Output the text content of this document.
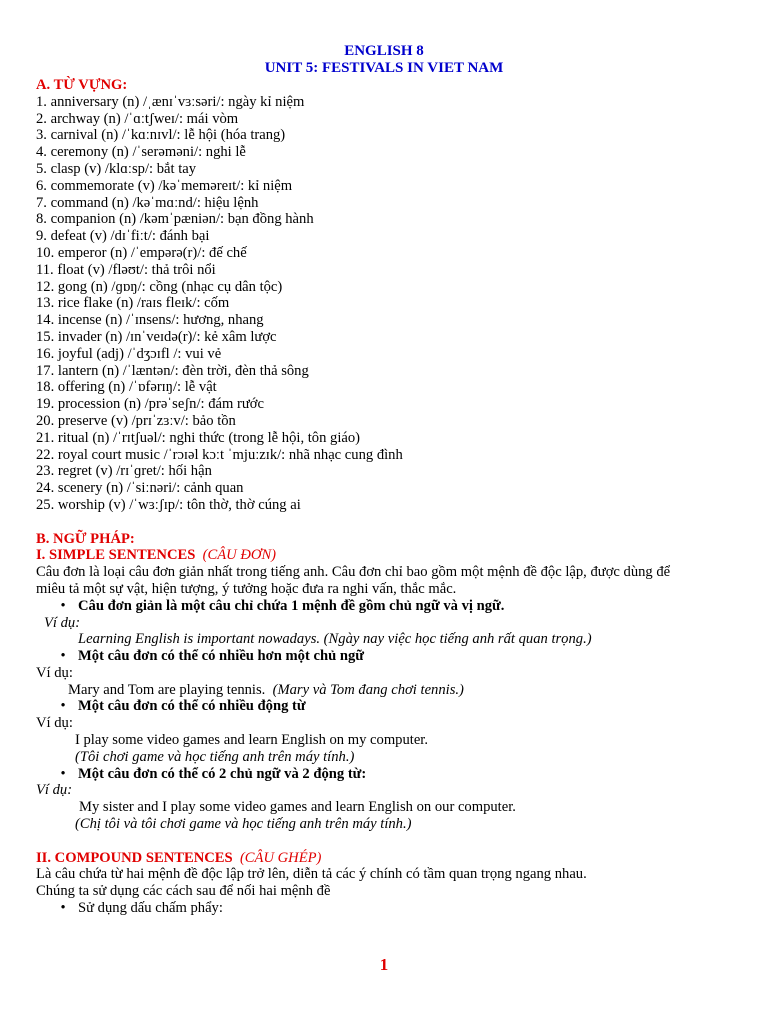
ENGLISH 8
UNIT 5: FESTIVALS IN VIET NAM
A. TỪ VỰNG:
1. anniversary (n) /ˌænɪˈvɜːsəri/: ngày kỉ niệm
2. archway (n) /ˈɑːtʃweɪ/: mái vòm
3. carnival (n) /ˈkɑːnɪvl/: lễ hội (hóa trang)
4. ceremony (n) /ˈserəməni/: nghi lễ
5. clasp (v) /klɑːsp/: bắt tay
6. commemorate (v) /kəˈmeməreɪt/: kỉ niệm
7. command (n) /kəˈmɑːnd/: hiệu lệnh
8. companion (n) /kəmˈpæniən/: bạn đồng hành
9. defeat (v) /dɪˈfiːt/: đánh bại
10. emperor (n) /ˈempərə(r)/: đế chế
11. float (v) /fləʊt/: thả trôi nổi
12. gong (n) /ɡɒŋ/: cồng (nhạc cụ dân tộc)
13. rice flake (n) /raɪs fleɪk/: cốm
14. incense (n) /ˈɪnsens/: hương, nhang
15. invader (n) /ɪnˈveɪdə(r)/: kẻ xâm lược
16. joyful (adj) /ˈdʒɔɪfl /: vui vẻ
17. lantern (n) /ˈlæntən/: đèn trời, đèn thả sông
18. offering (n) /ˈɒfərɪŋ/: lễ vật
19. procession (n) /prəˈseʃn/: đám rước
20. preserve (v) /prɪˈzɜːv/: bảo tồn
21. ritual (n) /ˈrɪtʃuəl/: nghi thức (trong lễ hội, tôn giáo)
22. royal court music /ˈrɔɪəl kɔːt ˈmjuːzɪk/: nhã nhạc cung đình
23. regret (v) /rɪˈɡret/: hối hận
24. scenery (n) /ˈsiːnəri/: cảnh quan
25. worship (v) /ˈwɜːʃɪp/: tôn thờ, thờ cúng ai
B. NGỮ PHÁP:
I. SIMPLE SENTENCES (CÂU ĐƠN)
Câu đơn là loại câu đơn giản nhất trong tiếng anh. Câu đơn chỉ bao gồm một mệnh đề độc lập, được dùng để
miêu tả một sự vật, hiện tượng, ý tưởng hoặc đưa ra nghi vấn, thắc mắc.
• Câu đơn giản là một câu chỉ chứa 1 mệnh đề gồm chủ ngữ và vị ngữ.
Ví dụ:
Learning English is important nowadays. (Ngày nay việc học tiếng anh rất quan trọng.)
• Một câu đơn có thể có nhiều hơn một chủ ngữ
Ví dụ:
Mary and Tom are playing tennis. (Mary và Tom đang chơi tennis.)
• Một câu đơn có thể có nhiều động từ
Ví dụ:
I play some video games and learn English on my computer.
(Tôi chơi game và học tiếng anh trên máy tính.)
• Một câu đơn có thể có 2 chủ ngữ và 2 động từ:
Ví dụ:
My sister and I play some video games and learn English on our computer.
(Chị tôi và tôi chơi game và học tiếng anh trên máy tính.)
II. COMPOUND SENTENCES (CÂU GHÉP)
Là câu chứa từ hai mệnh đề độc lập trở lên, diễn tả các ý chính có tầm quan trọng ngang nhau.
Chúng ta sử dụng các cách sau để nối hai mệnh đề
• Sử dụng dấu chấm phẩy:
1
